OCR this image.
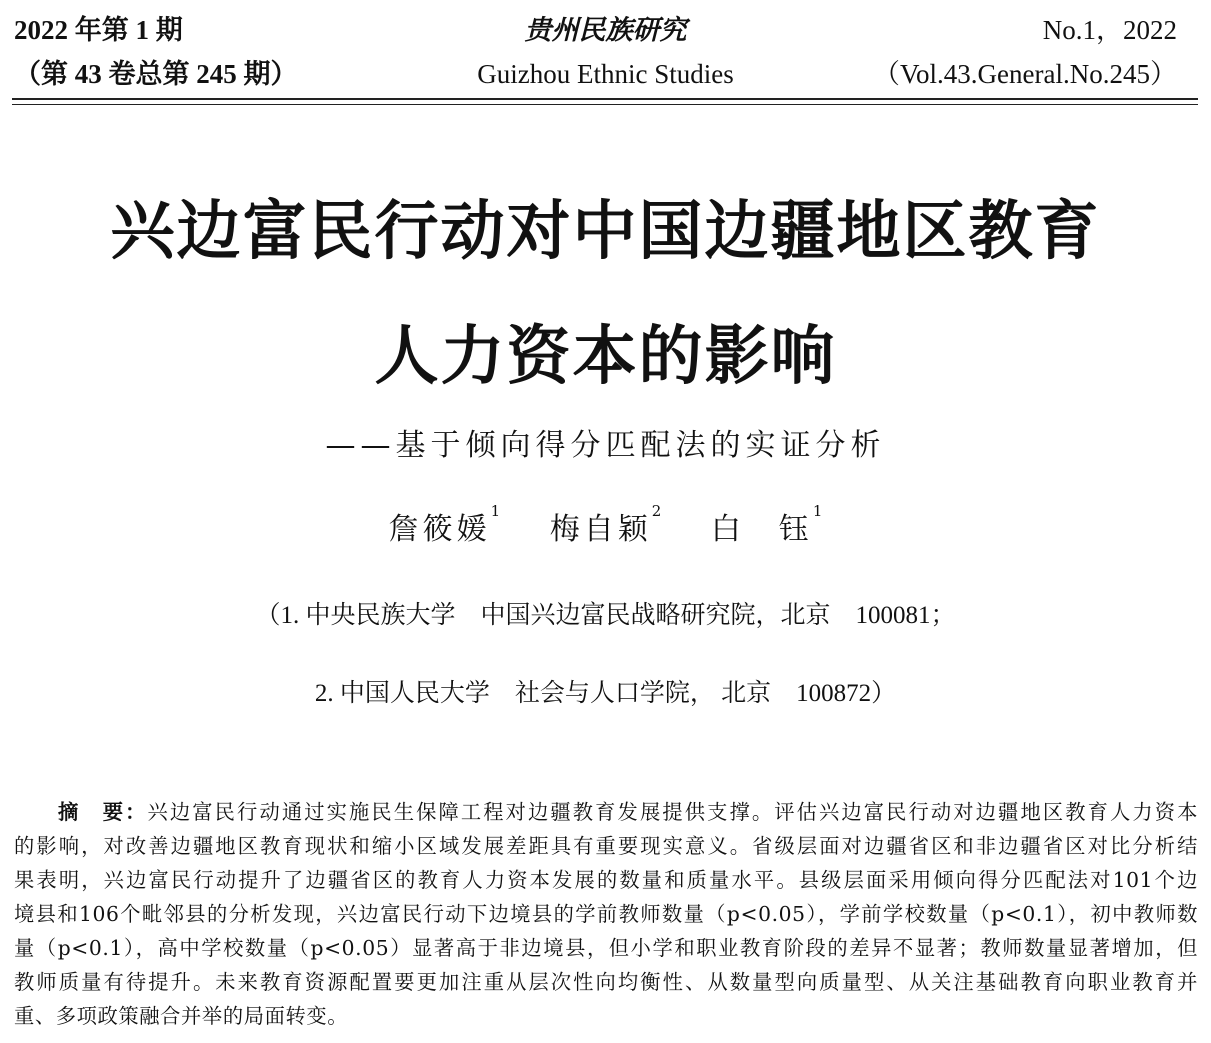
2022 年第 1 期
（第 43 卷总第 245 期）
贵州民族研究
Guizhou Ethnic Studies
No.1，2022
（Vol.43.General.No.245）
兴边富民行动对中国边疆地区教育
人力资本的影响
——基于倾向得分匹配法的实证分析
詹筱媛$^1$ 梅自颖$^2$ 白　钰$^1$
（1. 中央民族大学　中国兴边富民战略研究院，北京　100081；
2. 中国人民大学　社会与人口学院， 北京　100872）
摘　要：兴边富民行动通过实施民生保障工程对边疆教育发展提供支撑。评估兴边富民行动对边疆地区教育人力资本
的影响，对改善边疆地区教育现状和缩小区域发展差距具有重要现实意义。省级层面对边疆省区和非边疆省区对比分析结
果表明，兴边富民行动提升了边疆省区的教育人力资本发展的数量和质量水平。县级层面采用倾向得分匹配法对101个边
境县和106个毗邻县的分析发现，兴边富民行动下边境县的学前教师数量（p<0.05），学前学校数量（p<0.1），初中教师数
量（p<0.1），高中学校数量（p<0.05）显著高于非边境县，但小学和职业教育阶段的差异不显著；教师数量显著增加，但
教师质量有待提升。未来教育资源配置要更加注重从层次性向均衡性、从数量型向质量型、从关注基础教育向职业教育并
重、多项政策融合并举的局面转变。
